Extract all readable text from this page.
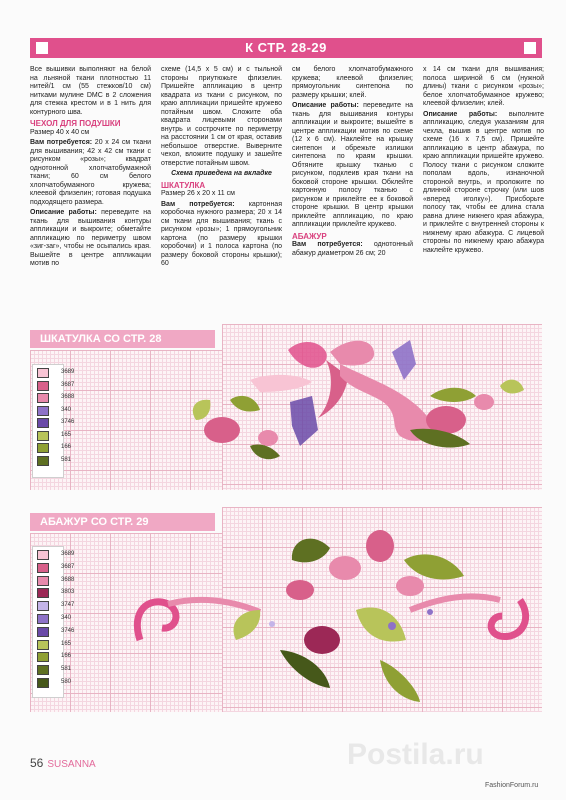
К СТР. 28-29

Все вышивки выполняют на белой на льняной ткани плотностью 11 нитей/1 см (55 стежков/10 см) нитками мулине DMC в 2 сложения для стежка крестом и в 1 нить для контурного шва.

ЧЕХОЛ ДЛЯ ПОДУШКИ

Размер 40 x 40 см

Вам потребуется: 20 x 24 см ткани для вышивания; 42 x 42 см ткани с рисунком «розы»; квадрат однотонной хлопчатобумажной ткани; 60 см белого хлопчатобумажного кружева; клеевой флизелин; готовая подушка подходящего размера.

Описание работы: переведите на ткань для вышивания контуры аппликации и выкроите; обметайте аппликацию по периметру швом «зиг-заг», чтобы не осыпались края. Вышейте в центре аппликации мотив по

схеме (14,5 x 5 см) и с тыльной стороны приутюжьте флизелин. Пришейте аппликацию в центр квадрата из ткани с рисунком, по краю аппликации пришейте кружево потайным швом. Сложите оба квадрата лицевыми сторонами внутрь и сострочите по периметру на расстоянии 1 см от края, оставив небольшое отверстие. Выверните чехол, вложите подушку и зашейте отверстие потайным швом.

Схема приведена на вкладке

ШКАТУЛКА

Размер 26 x 20 x 11 см

Вам потребуется: картонная коробочка нужного размера; 20 x 14 см ткани для вышивания; ткань с рисунком «розы»; 1 прямоугольник картона (по размеру крышки коробочки) и 1 полоса картона (по размеру боковой стороны крышки); 60

см белого хлопчатобумажного кружева; клеевой флизелин; прямоугольник синтепона по размеру крышки; клей.

Описание работы: переведите на ткань для вышивания контуры аппликации и выкроите; вышейте в центре аппликации мотив по схеме (12 x 6 см). Наклейте на крышку синтепон и обрежьте излишки синтепона по краям крышки. Обтяните крышку тканью с рисунком, подклеив края ткани на боковой стороне крышки. Обклейте картонную полосу тканью с рисунком и приклейте ее к боковой стороне крышки. В центр крышки приклейте аппликацию, по краю аппликации приклейте кружево.

АБАЖУР

Вам потребуется: однотонный абажур диаметром 26 см; 20

x 14 см ткани для вышивания; полоса шириной 6 см (нужной длины) ткани с рисунком «розы»; белое хлопчатобумажное кружево; клеевой флизелин; клей.

Описание работы: выполните аппликацию, следуя указаниям для чехла, вышив в центре мотив по схеме (16 x 7,5 см). Пришейте аппликацию в центр абажура, по краю аппликации пришейте кружево. Полосу ткани с рисунком сложите пополам вдоль, изнаночной стороной внутрь, и проложите по длинной стороне строчку (или шов «вперед иголку»). Присборьте полосу так, чтобы ее длина стала равна длине нижнего края абажура, и приклейте с внутренней стороны к нижнему краю абажура. С лицевой стороны по нижнему краю абажура наклейте кружево.

ШКАТУЛКА СО СТР. 28
3689
3687
3688
340
3746
165
166
581
АБАЖУР СО СТР. 29
3689
3687
3688
3803
3747
340
3746
165
166
581
580
56 SUSANNA	Postila.ru
FashionForum.ru
